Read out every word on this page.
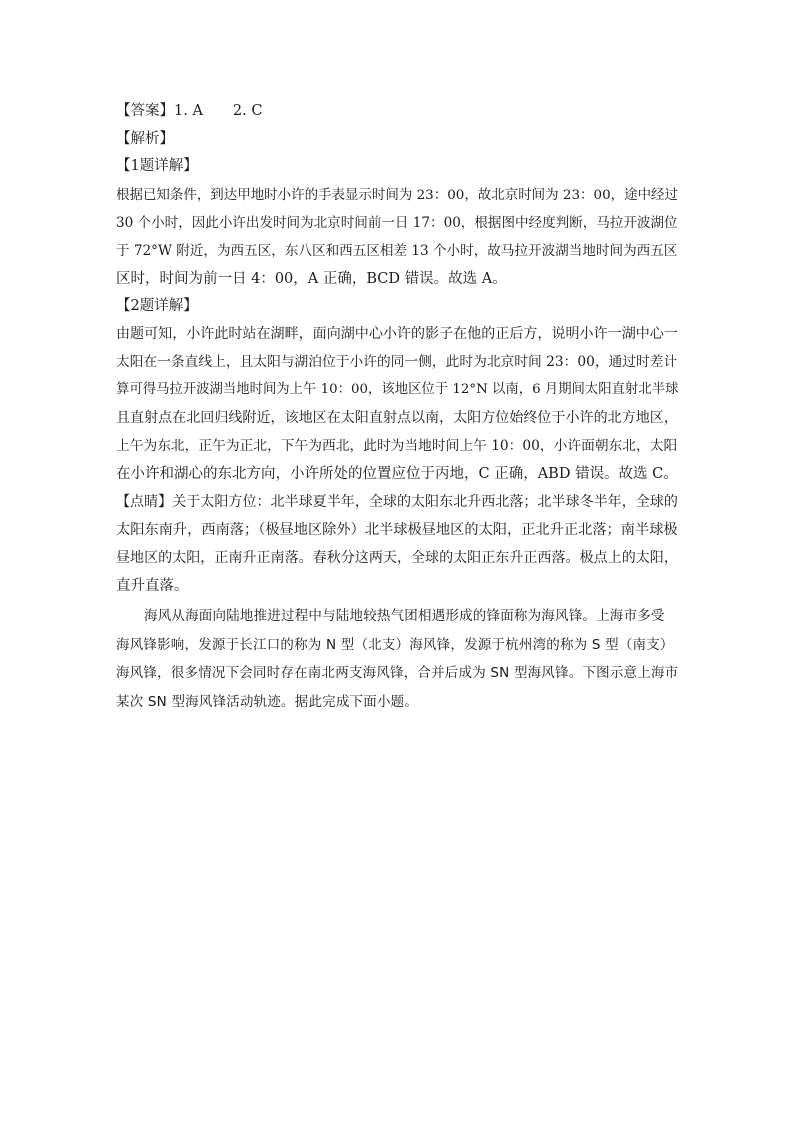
【答案】1. A 2. C

【解析】

【1题详解】

根据已知条件，到达甲地时小许的手表显示时间为 23：00，故北京时间为 23：00，途中经过
30 个小时，因此小许出发时间为北京时间前一日 17：00，根据图中经度判断，马拉开波湖位
于 72°W 附近，为西五区，东八区和西五区相差 13 个小时，故马拉开波湖当地时间为西五区
区时，时间为前一日 4：00，A 正确，BCD 错误。故选 A。

【2题详解】

由题可知，小许此时站在湖畔，面向湖中心小许的影子在他的正后方，说明小许一湖中心一
太阳在一条直线上，且太阳与湖泊位于小许的同一侧，此时为北京时间 23：00，通过时差计
算可得马拉开波湖当地时间为上午 10：00，该地区位于 12°N 以南，6 月期间太阳直射北半球
且直射点在北回归线附近，该地区在太阳直射点以南，太阳方位始终位于小许的北方地区，
上午为东北，正午为正北，下午为西北，此时为当地时间上午 10：00，小许面朝东北，太阳
在小许和湖心的东北方向，小许所处的位置应位于丙地，C 正确，ABD 错误。故选 C。
【点睛】关于太阳方位：北半球夏半年，全球的太阳东北升西北落；北半球冬半年，全球的
太阳东南升，西南落；（极昼地区除外）北半球极昼地区的太阳，正北升正北落；南半球极
昼地区的太阳，正南升正南落。春秋分这两天，全球的太阳正东升正西落。极点上的太阳，
直升直落。
海风从海面向陆地推进过程中与陆地较热气团相遇形成的锋面称为海风锋。上海市多受
海风锋影响，发源于长江口的称为 N 型（北支）海风锋，发源于杭州湾的称为 S 型（南支）
海风锋，很多情况下会同时存在南北两支海风锋，合并后成为 SN 型海风锋。下图示意上海市
某次 SN 型海风锋活动轨迹。据此完成下面小题。
